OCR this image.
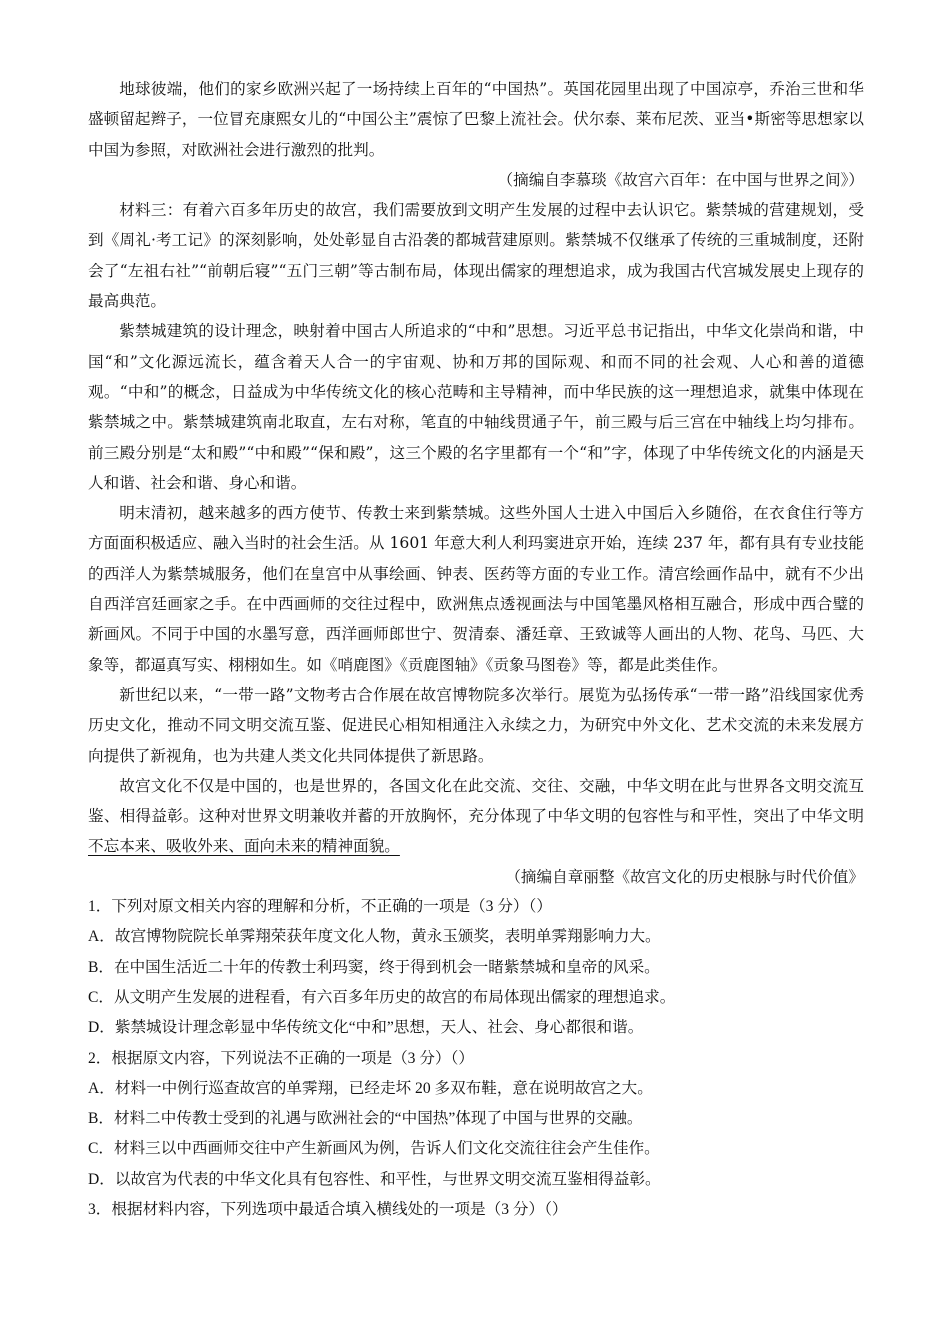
地球彼端，他们的家乡欧洲兴起了一场持续上百年的“中国热”。英国花园里出现了中国凉亭，乔治三世和华盛顿留起辫子，一位冒充康熙女儿的“中国公主”震惊了巴黎上流社会。伏尔泰、莱布尼茨、亚当•斯密等思想家以中国为参照，对欧洲社会进行激烈的批判。

（摘编自李慕琰《故宫六百年：在中国与世界之间》）

材料三：有着六百多年历史的故宫，我们需要放到文明产生发展的过程中去认识它。紫禁城的营建规划，受到《周礼·考工记》的深刻影响，处处彰显自古沿袭的都城营建原则。紫禁城不仅继承了传统的三重城制度，还附会了“左祖右社”“前朝后寝”“五门三朝”等古制布局，体现出儒家的理想追求，成为我国古代宫城发展史上现存的最高典范。

紫禁城建筑的设计理念，映射着中国古人所追求的“中和”思想。习近平总书记指出，中华文化崇尚和谐，中国“和”文化源远流长，蕴含着天人合一的宇宙观、协和万邦的国际观、和而不同的社会观、人心和善的道德观。“中和”的概念，日益成为中华传统文化的核心范畴和主导精神，而中华民族的这一理想追求，就集中体现在紫禁城之中。紫禁城建筑南北取直，左右对称，笔直的中轴线贯通子午，前三殿与后三宫在中轴线上均匀排布。前三殿分别是“太和殿”“中和殿”“保和殿”，这三个殿的名字里都有一个“和”字，体现了中华传统文化的内涵是天人和谐、社会和谐、身心和谐。

明末清初，越来越多的西方使节、传教士来到紫禁城。这些外国人士进入中国后入乡随俗，在衣食住行等方方面面积极适应、融入当时的社会生活。从 1601 年意大利人利玛窦进京开始，连续 237 年，都有具有专业技能的西洋人为紫禁城服务，他们在皇宫中从事绘画、钟表、医药等方面的专业工作。清宫绘画作品中，就有不少出自西洋宫廷画家之手。在中西画师的交往过程中，欧洲焦点透视画法与中国笔墨风格相互融合，形成中西合璧的新画风。不同于中国的水墨写意，西洋画师郎世宁、贺清泰、潘廷章、王致诚等人画出的人物、花鸟、马匹、大象等，都逼真写实、栩栩如生。如《哨鹿图》《贡鹿图轴》《贡象马图卷》等，都是此类佳作。

新世纪以来，“一带一路”文物考古合作展在故宫博物院多次举行。展览为弘扬传承“一带一路”沿线国家优秀历史文化，推动不同文明交流互鉴、促进民心相知相通注入永续之力，为研究中外文化、艺术交流的未来发展方向提供了新视角，也为共建人类文化共同体提供了新思路。

故宫文化不仅是中国的，也是世界的，各国文化在此交流、交往、交融，中华文明在此与世界各文明交流互鉴、相得益彰。这种对世界文明兼收并蓄的开放胸怀，充分体现了中华文明的包容性与和平性，突出了中华文明不忘本来、吸收外来、面向未来的精神面貌。

（摘编自章丽整《故宫文化的历史根脉与时代价值》

1．下列对原文相关内容的理解和分析，不正确的一项是（3 分）（）

A．故宫博物院院长单霁翔荣获年度文化人物，黄永玉颁奖，表明单霁翔影响力大。

B．在中国生活近二十年的传教士利玛窦，终于得到机会一睹紫禁城和皇帝的风采。

C．从文明产生发展的进程看，有六百多年历史的故宫的布局体现出儒家的理想追求。

D．紫禁城设计理念彰显中华传统文化“中和”思想，天人、社会、身心都很和谐。

2．根据原文内容，下列说法不正确的一项是（3 分）（）

A．材料一中例行巡查故宫的单霁翔，已经走坏 20 多双布鞋，意在说明故宫之大。

B．材料二中传教士受到的礼遇与欧洲社会的“中国热”体现了中国与世界的交融。

C．材料三以中西画师交往中产生新画风为例，告诉人们文化交流往往会产生佳作。

D．以故宫为代表的中华文化具有包容性、和平性，与世界文明交流互鉴相得益彰。

3．根据材料内容，下列选项中最适合填入横线处的一项是（3 分）（）
